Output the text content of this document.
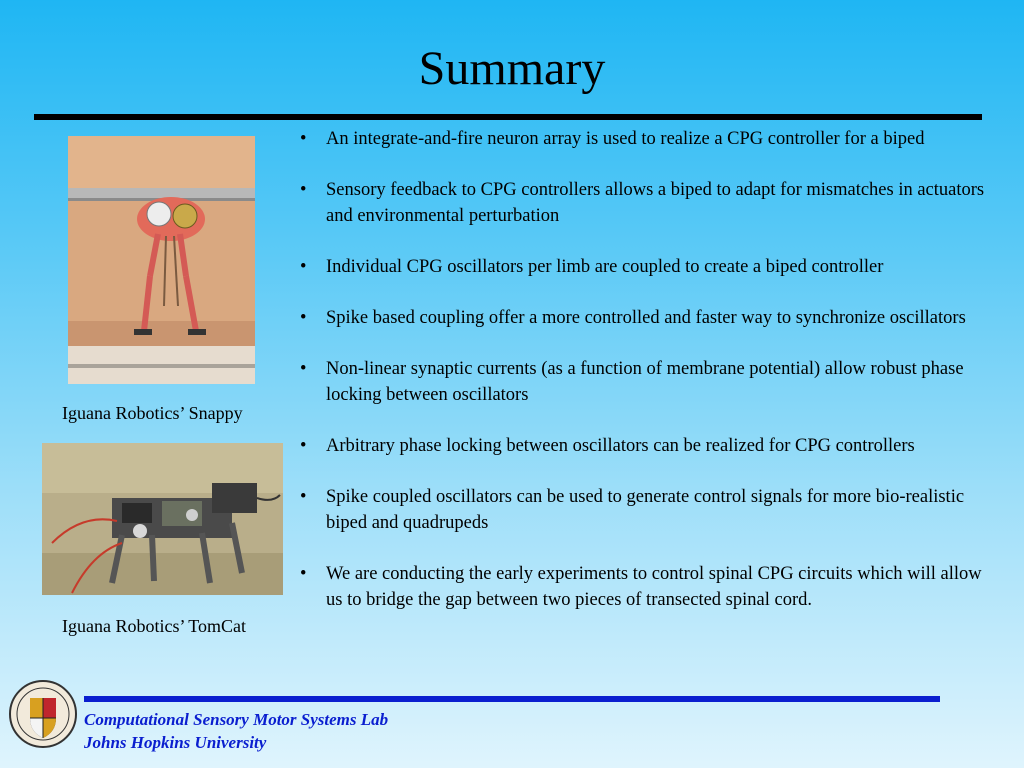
Summary
Iguana Robotics’ Snappy
Iguana Robotics’ TomCat
• An integrate-and-fire neuron array is used to realize a CPG controller for a biped
• Sensory feedback to CPG controllers allows a biped to adapt for mismatches in actuators and environmental perturbation
• Individual CPG oscillators per limb are coupled to create a biped controller
• Spike based coupling offer a more controlled and faster way to synchronize oscillators
• Non-linear synaptic currents (as a function of membrane potential) allow robust phase locking between oscillators
• Arbitrary phase locking between oscillators can be realized for CPG controllers
• Spike coupled oscillators can be used to generate control signals for more bio-realistic biped and quadrupeds
• We are conducting the early experiments to control spinal CPG circuits which will allow us to bridge the gap between two pieces of transected spinal cord.
Computational Sensory Motor Systems Lab
Johns Hopkins University
